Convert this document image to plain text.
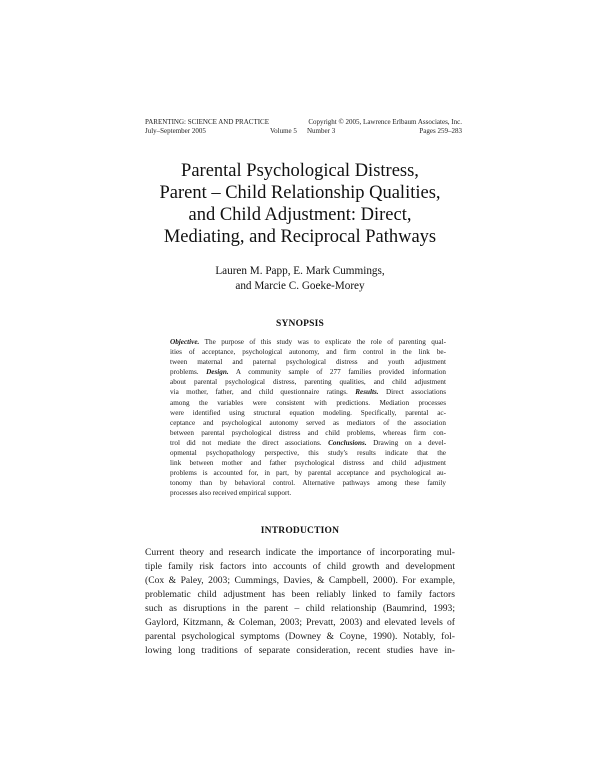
PARENTING: SCIENCE AND PRACTICE
July–September 2005	Volume 5 Number 3
Copyright © 2005, Lawrence Erlbaum Associates, Inc.
Pages 259–283
Parental Psychological Distress,
Parent – Child Relationship Qualities,
and Child Adjustment: Direct,
Mediating, and Reciprocal Pathways
Lauren M. Papp, E. Mark Cummings,
and Marcie C. Goeke-Morey
SYNOPSIS
Objective. The purpose of this study was to explicate the role of parenting qual-
ities of acceptance, psychological autonomy, and firm control in the link be-
tween maternal and paternal psychological distress and youth adjustment
problems. Design. A community sample of 277 families provided information
about parental psychological distress, parenting qualities, and child adjustment
via mother, father, and child questionnaire ratings. Results. Direct associations
among the variables were consistent with predictions. Mediation processes
were identified using structural equation modeling. Specifically, parental ac-
ceptance and psychological autonomy served as mediators of the association
between parental psychological distress and child problems, whereas firm con-
trol did not mediate the direct associations. Conclusions. Drawing on a devel-
opmental psychopathology perspective, this study's results indicate that the
link between mother and father psychological distress and child adjustment
problems is accounted for, in part, by parental acceptance and psychological au-
tonomy than by behavioral control. Alternative pathways among these family
processes also received empirical support.
INTRODUCTION
Current theory and research indicate the importance of incorporating mul-
tiple family risk factors into accounts of child growth and development
(Cox & Paley, 2003; Cummings, Davies, & Campbell, 2000). For example,
problematic child adjustment has been reliably linked to family factors
such as disruptions in the parent – child relationship (Baumrind, 1993;
Gaylord, Kitzmann, & Coleman, 2003; Prevatt, 2003) and elevated levels of
parental psychological symptoms (Downey & Coyne, 1990). Notably, fol-
lowing long traditions of separate consideration, recent studies have in-
